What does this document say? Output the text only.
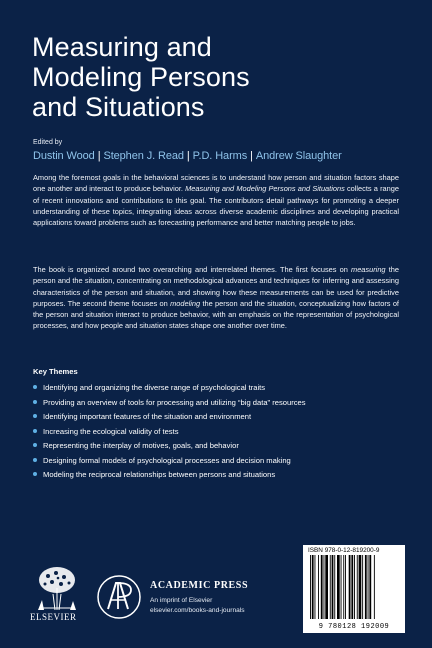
Measuring and
Modeling Persons
and Situations
Edited by
Dustin Wood | Stephen J. Read | P.D. Harms | Andrew Slaughter
Among the foremost goals in the behavioral sciences is to understand how person and situation factors shape one another and interact to produce behavior. Measuring and Modeling Persons and Situations collects a range of recent innovations and contributions to this goal. The contributors detail pathways for promoting a deeper understanding of these topics, integrating ideas across diverse academic disciplines and developing practical applications toward problems such as forecasting performance and better matching people to jobs.
The book is organized around two overarching and interrelated themes. The first focuses on measuring the person and the situation, concentrating on methodological advances and techniques for inferring and assessing characteristics of the person and situation, and showing how these measurements can be used for predictive purposes. The second theme focuses on modeling the person and the situation, conceptualizing how factors of the person and situation interact to produce behavior, with an emphasis on the representation of psychological processes, and how people and situation states shape one another over time.
Key Themes
Identifying and organizing the diverse range of psychological traits
Providing an overview of tools for processing and utilizing “big data” resources
Identifying important features of the situation and environment
Increasing the ecological validity of tests
Representing the interplay of motives, goals, and behavior
Designing formal models of psychological processes and decision making
Modeling the reciprocal relationships between persons and situations
ELSEVIER
ACADEMIC PRESS
An imprint of Elsevier
elsevier.com/books-and-journals
ISBN 978-0-12-819200-9
9 780128 192009
